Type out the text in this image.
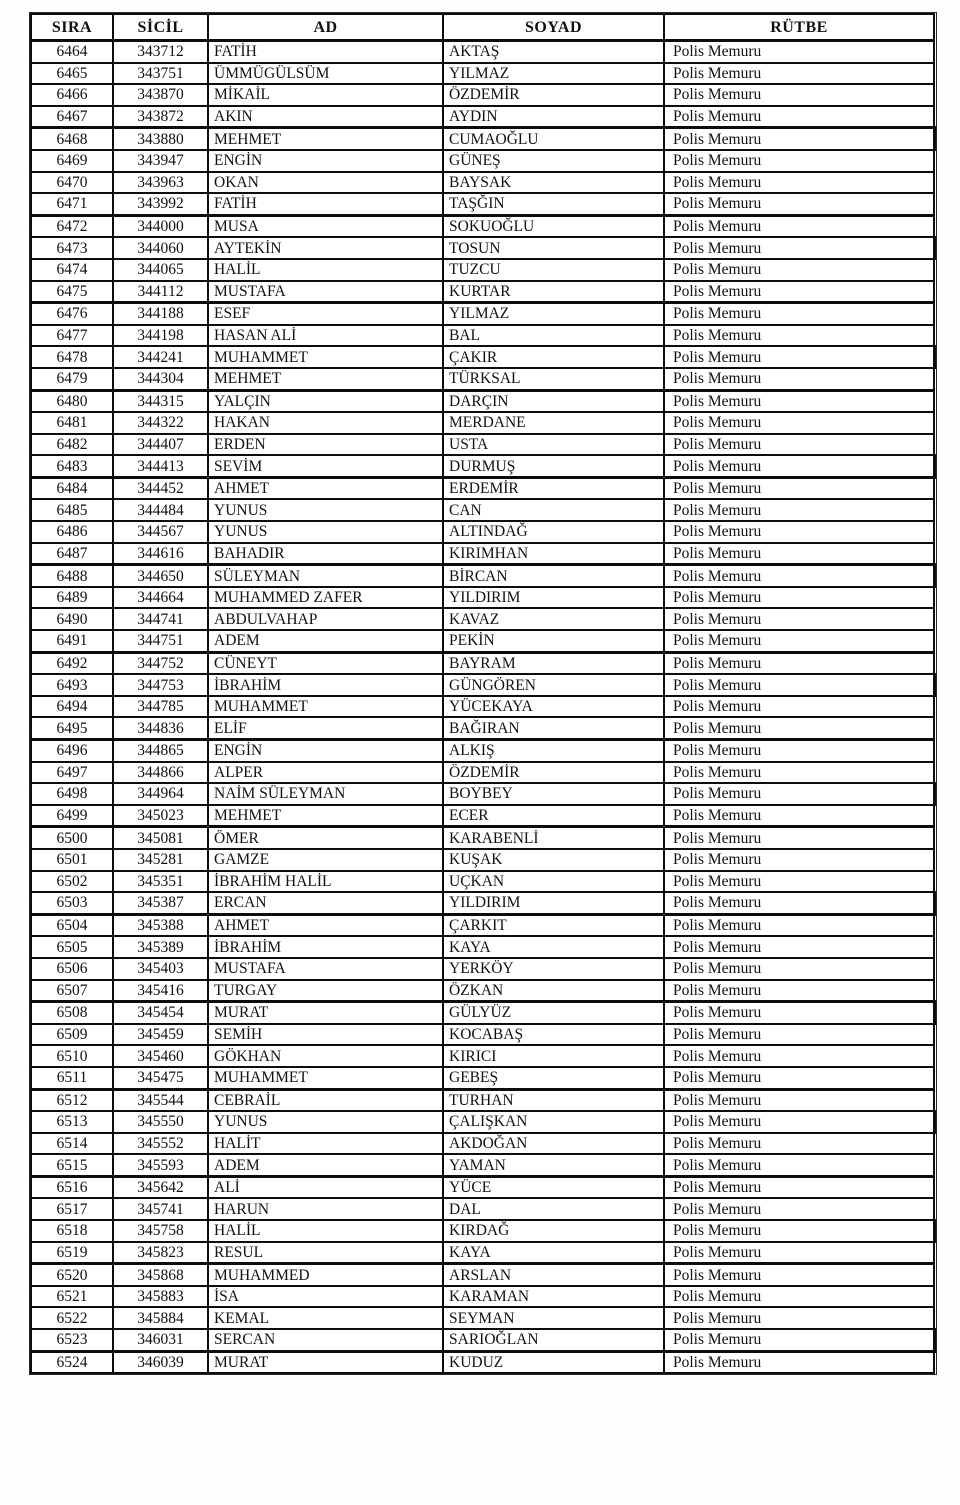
SIRA	SİCİL	AD	SOYAD	RÜTBE
6464	343712	FATİH	AKTAŞ	Polis Memuru
6465	343751	ÜMMÜGÜLSÜM	YILMAZ	Polis Memuru
6466	343870	MİKAİL	ÖZDEMİR	Polis Memuru
6467	343872	AKIN	AYDIN	Polis Memuru
6468	343880	MEHMET	CUMAOĞLU	Polis Memuru
6469	343947	ENGİN	GÜNEŞ	Polis Memuru
6470	343963	OKAN	BAYSAK	Polis Memuru
6471	343992	FATİH	TAŞĞIN	Polis Memuru
6472	344000	MUSA	SOKUOĞLU	Polis Memuru
6473	344060	AYTEKİN	TOSUN	Polis Memuru
6474	344065	HALİL	TUZCU	Polis Memuru
6475	344112	MUSTAFA	KURTAR	Polis Memuru
6476	344188	ESEF	YILMAZ	Polis Memuru
6477	344198	HASAN ALİ	BAL	Polis Memuru
6478	344241	MUHAMMET	ÇAKIR	Polis Memuru
6479	344304	MEHMET	TÜRKSAL	Polis Memuru
6480	344315	YALÇIN	DARÇIN	Polis Memuru
6481	344322	HAKAN	MERDANE	Polis Memuru
6482	344407	ERDEN	USTA	Polis Memuru
6483	344413	SEVİM	DURMUŞ	Polis Memuru
6484	344452	AHMET	ERDEMİR	Polis Memuru
6485	344484	YUNUS	CAN	Polis Memuru
6486	344567	YUNUS	ALTINDAĞ	Polis Memuru
6487	344616	BAHADIR	KIRIMHAN	Polis Memuru
6488	344650	SÜLEYMAN	BİRCAN	Polis Memuru
6489	344664	MUHAMMED ZAFER	YILDIRIM	Polis Memuru
6490	344741	ABDULVAHAP	KAVAZ	Polis Memuru
6491	344751	ADEM	PEKİN	Polis Memuru
6492	344752	CÜNEYT	BAYRAM	Polis Memuru
6493	344753	İBRAHİM	GÜNGÖREN	Polis Memuru
6494	344785	MUHAMMET	YÜCEKAYA	Polis Memuru
6495	344836	ELİF	BAĞIRAN	Polis Memuru
6496	344865	ENGİN	ALKIŞ	Polis Memuru
6497	344866	ALPER	ÖZDEMİR	Polis Memuru
6498	344964	NAİM SÜLEYMAN	BOYBEY	Polis Memuru
6499	345023	MEHMET	ECER	Polis Memuru
6500	345081	ÖMER	KARABENLİ	Polis Memuru
6501	345281	GAMZE	KUŞAK	Polis Memuru
6502	345351	İBRAHİM HALİL	UÇKAN	Polis Memuru
6503	345387	ERCAN	YILDIRIM	Polis Memuru
6504	345388	AHMET	ÇARKIT	Polis Memuru
6505	345389	İBRAHİM	KAYA	Polis Memuru
6506	345403	MUSTAFA	YERKÖY	Polis Memuru
6507	345416	TURGAY	ÖZKAN	Polis Memuru
6508	345454	MURAT	GÜLYÜZ	Polis Memuru
6509	345459	SEMİH	KOCABAŞ	Polis Memuru
6510	345460	GÖKHAN	KIRICI	Polis Memuru
6511	345475	MUHAMMET	GEBEŞ	Polis Memuru
6512	345544	CEBRAİL	TURHAN	Polis Memuru
6513	345550	YUNUS	ÇALIŞKAN	Polis Memuru
6514	345552	HALİT	AKDOĞAN	Polis Memuru
6515	345593	ADEM	YAMAN	Polis Memuru
6516	345642	ALİ	YÜCE	Polis Memuru
6517	345741	HARUN	DAL	Polis Memuru
6518	345758	HALİL	KIRDAĞ	Polis Memuru
6519	345823	RESUL	KAYA	Polis Memuru
6520	345868	MUHAMMED	ARSLAN	Polis Memuru
6521	345883	İSA	KARAMAN	Polis Memuru
6522	345884	KEMAL	SEYMAN	Polis Memuru
6523	346031	SERCAN	SARIOĞLAN	Polis Memuru
6524	346039	MURAT	KUDUZ	Polis Memuru
